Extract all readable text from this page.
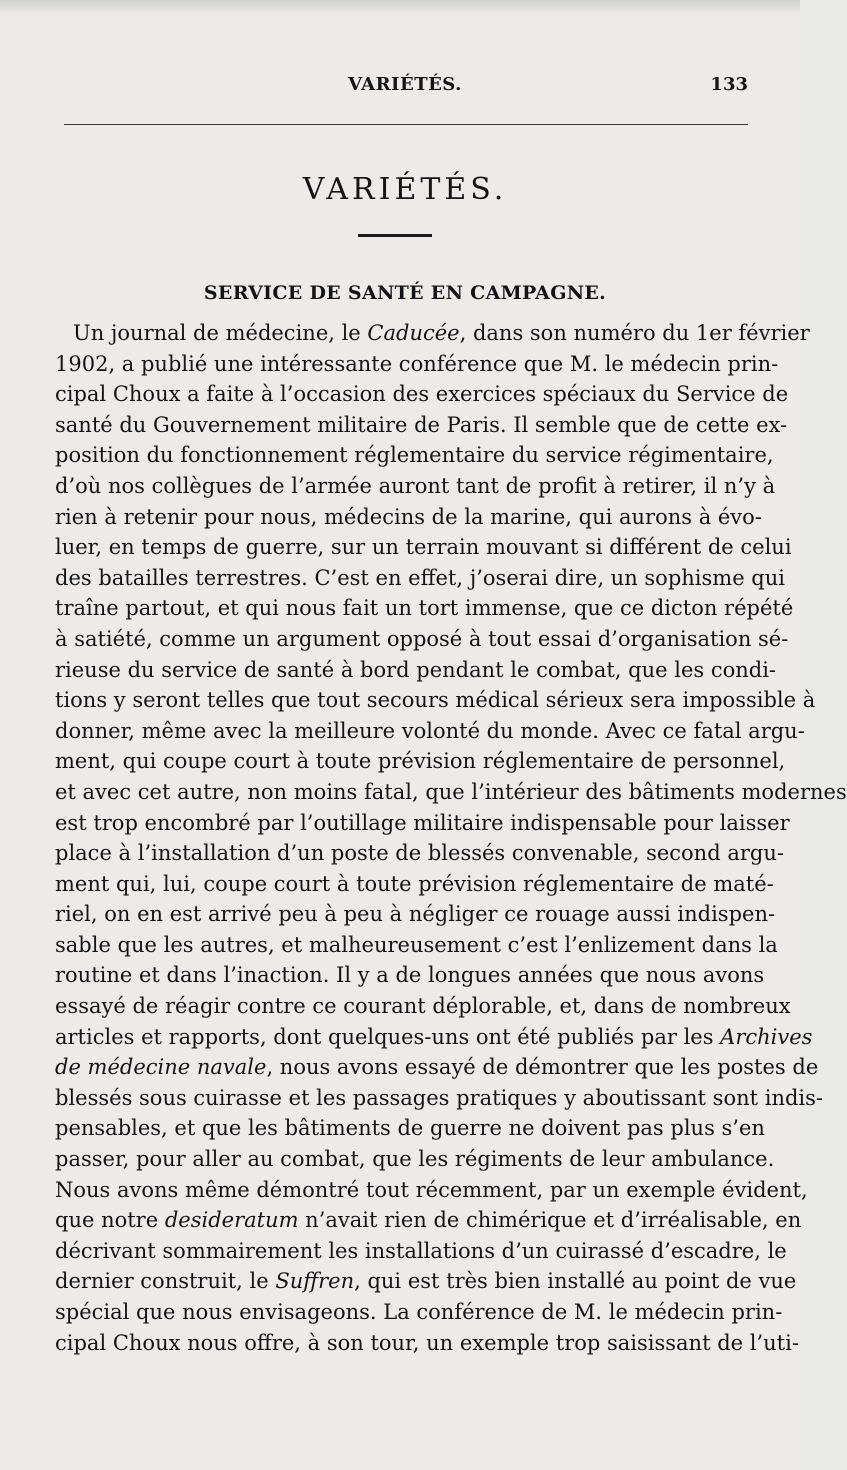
VARIÉTÉS.	133
VARIÉTÉS.
SERVICE DE SANTÉ EN CAMPAGNE.
Un journal de médecine, le Caducée, dans son numéro du 1er février
1902, a publié une intéressante conférence que M. le médecin prin-
cipal Choux a faite à l’occasion des exercices spéciaux du Service de
santé du Gouvernement militaire de Paris. Il semble que de cette ex-
position du fonctionnement réglementaire du service régimentaire,
d’où nos collègues de l’armée auront tant de profit à retirer, il n’y à
rien à retenir pour nous, médecins de la marine, qui aurons à évo-
luer, en temps de guerre, sur un terrain mouvant si différent de celui
des batailles terrestres. C’est en effet, j’oserai dire, un sophisme qui
traîne partout, et qui nous fait un tort immense, que ce dicton répété
à satiété, comme un argument opposé à tout essai d’organisation sé-
rieuse du service de santé à bord pendant le combat, que les condi-
tions y seront telles que tout secours médical sérieux sera impossible à
donner, même avec la meilleure volonté du monde. Avec ce fatal argu-
ment, qui coupe court à toute prévision réglementaire de personnel,
et avec cet autre, non moins fatal, que l’intérieur des bâtiments modernes
est trop encombré par l’outillage militaire indispensable pour laisser
place à l’installation d’un poste de blessés convenable, second argu-
ment qui, lui, coupe court à toute prévision réglementaire de maté-
riel, on en est arrivé peu à peu à négliger ce rouage aussi indispen-
sable que les autres, et malheureusement c’est l’enlizement dans la
routine et dans l’inaction. Il y a de longues années que nous avons
essayé de réagir contre ce courant déplorable, et, dans de nombreux
articles et rapports, dont quelques-uns ont été publiés par les Archives
de médecine navale, nous avons essayé de démontrer que les postes de
blessés sous cuirasse et les passages pratiques y aboutissant sont indis-
pensables, et que les bâtiments de guerre ne doivent pas plus s’en
passer, pour aller au combat, que les régiments de leur ambulance.
Nous avons même démontré tout récemment, par un exemple évident,
que notre desideratum n’avait rien de chimérique et d’irréalisable, en
décrivant sommairement les installations d’un cuirassé d’escadre, le
dernier construit, le Suffren, qui est très bien installé au point de vue
spécial que nous envisageons. La conférence de M. le médecin prin-
cipal Choux nous offre, à son tour, un exemple trop saisissant de l’uti-
